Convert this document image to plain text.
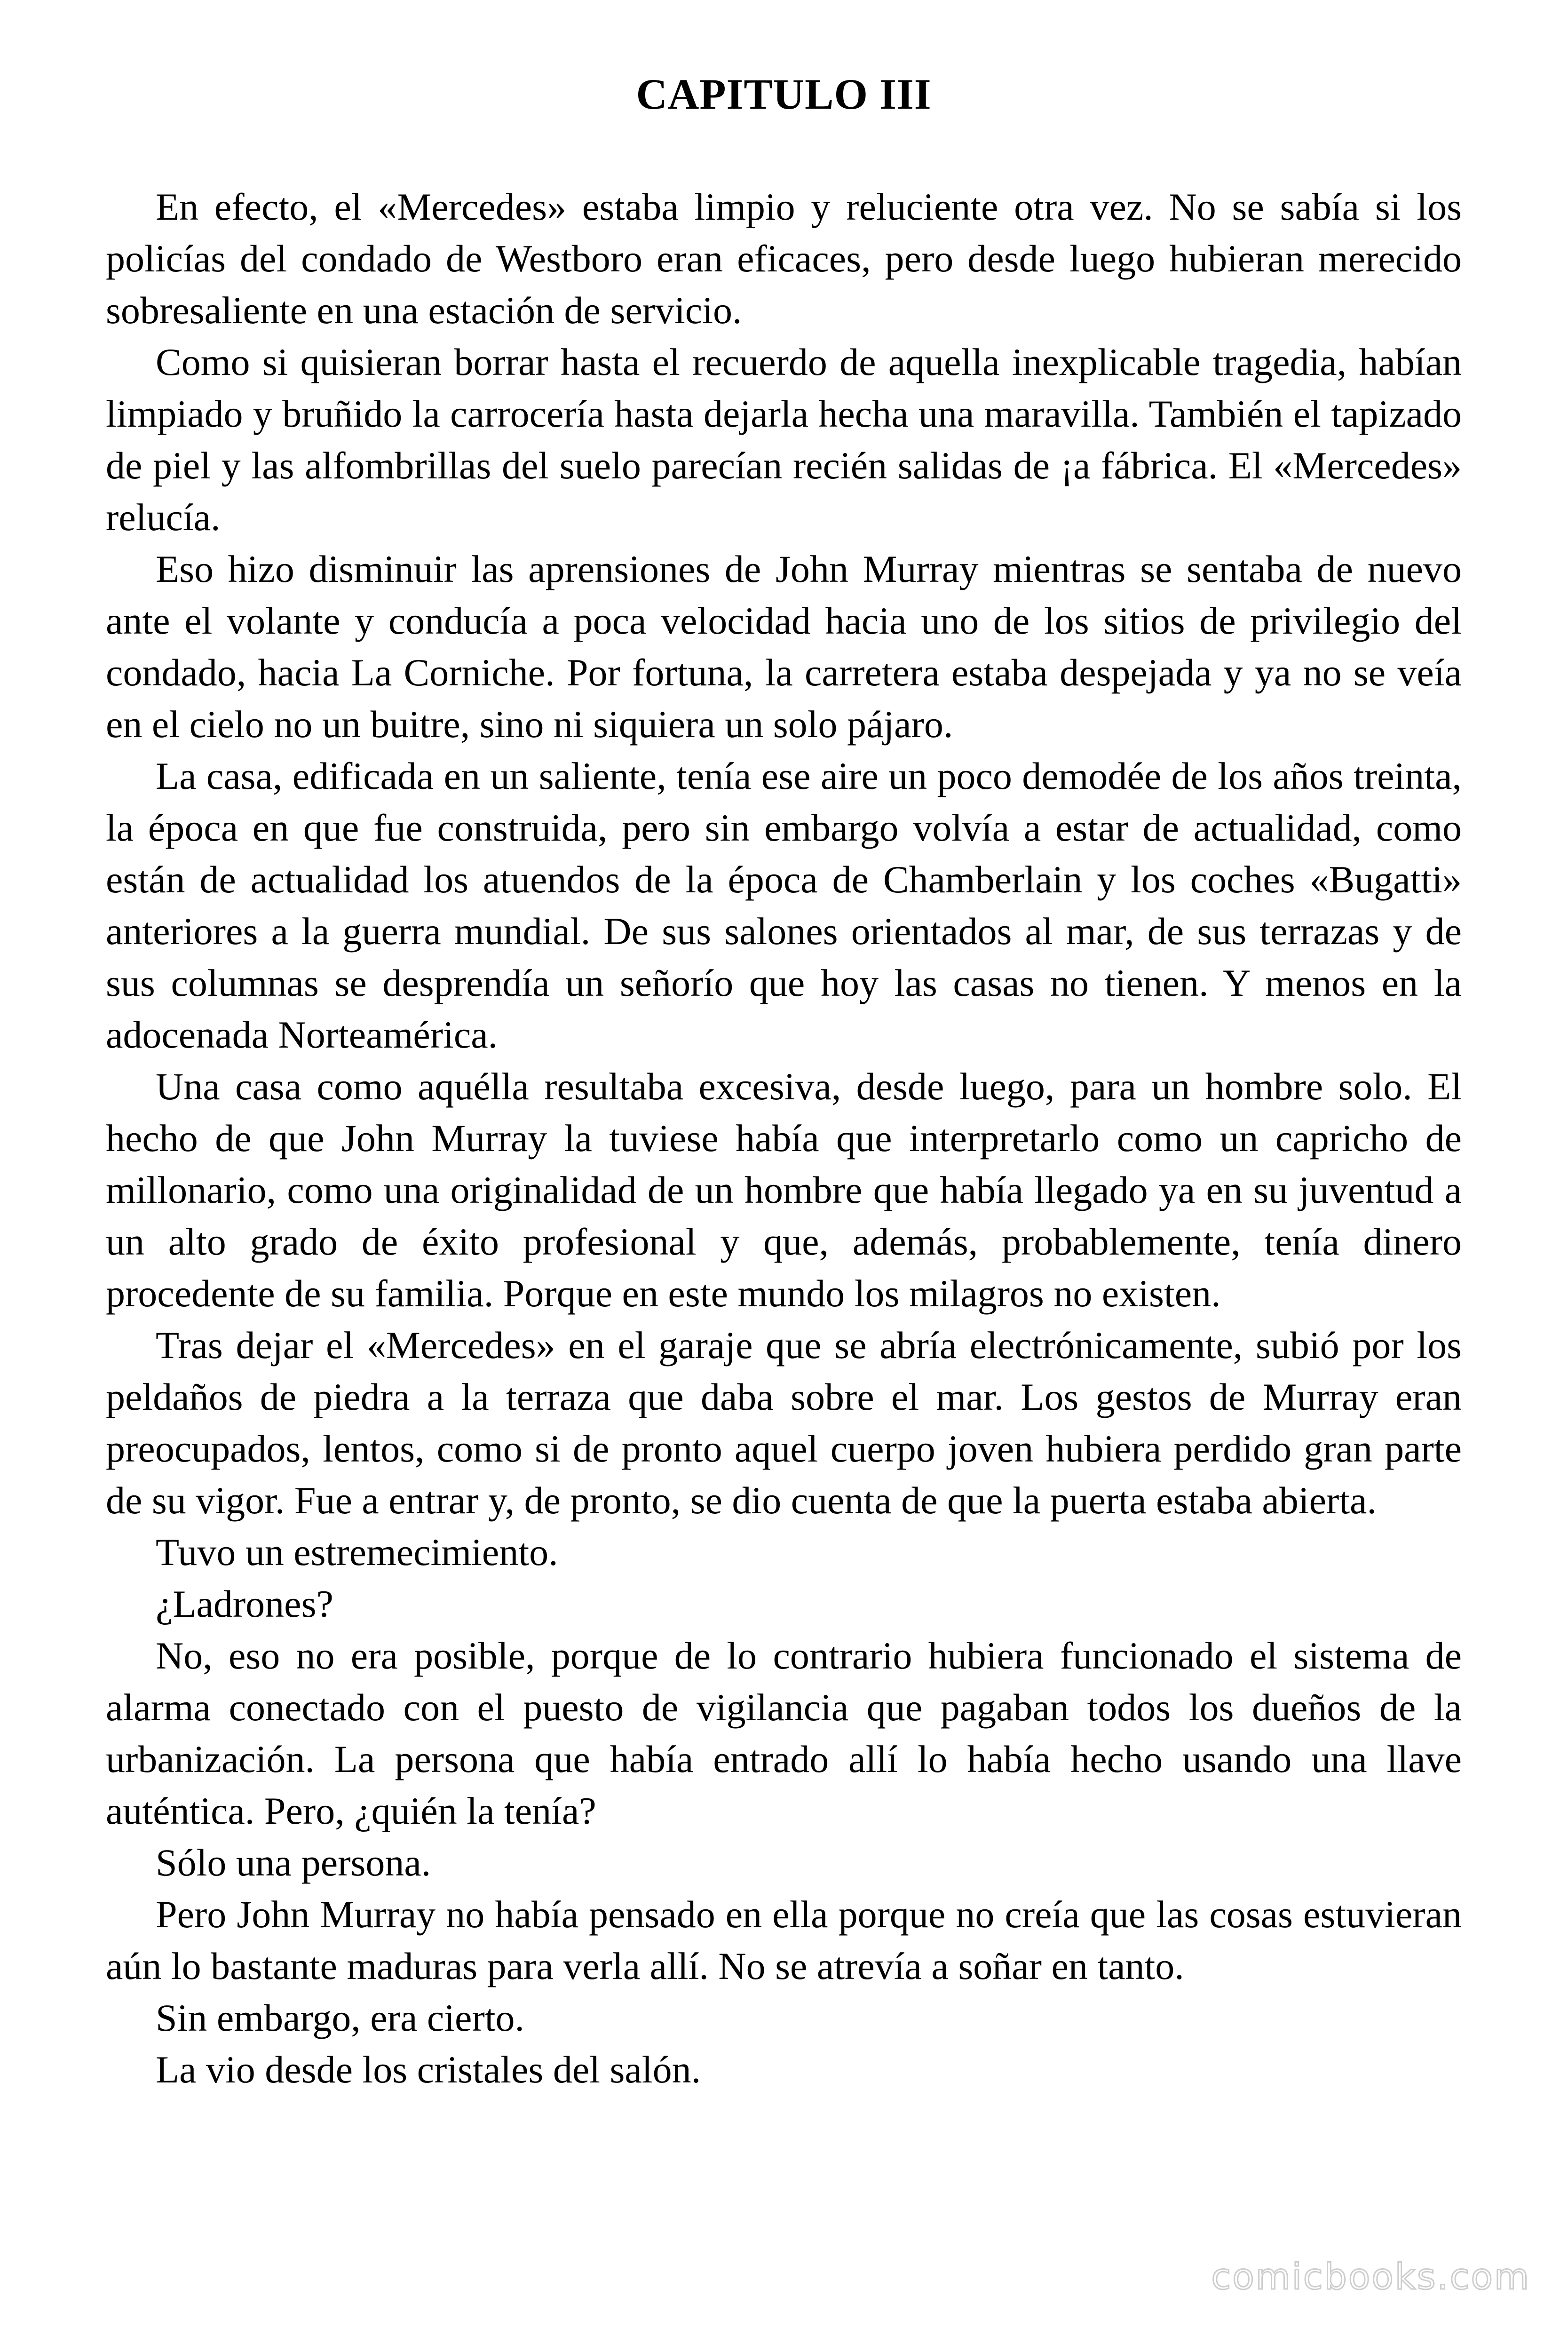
CAPITULO III

En efecto, el «Mercedes» estaba limpio y reluciente otra vez. No se sabía si los policías del condado de Westboro eran eficaces, pero desde luego hubieran merecido sobresaliente en una estación de servicio.

Como si quisieran borrar hasta el recuerdo de aquella inexplicable tragedia, habían limpiado y bruñido la carrocería hasta dejarla hecha una maravilla. También el tapizado de piel y las alfombrillas del suelo parecían recién salidas de ¡a fábrica. El «Mercedes» relucía.

Eso hizo disminuir las aprensiones de John Murray mientras se sentaba de nuevo ante el volante y conducía a poca velocidad hacia uno de los sitios de privilegio del condado, hacia La Corniche. Por fortuna, la carretera estaba despejada y ya no se veía en el cielo no un buitre, sino ni siquiera un solo pájaro.

La casa, edificada en un saliente, tenía ese aire un poco demodée de los años treinta, la época en que fue construida, pero sin embargo volvía a estar de actualidad, como están de actualidad los atuendos de la época de Chamberlain y los coches «Bugatti» anteriores a la guerra mundial. De sus salones orientados al mar, de sus terrazas y de sus columnas se desprendía un señorío que hoy las casas no tienen. Y menos en la adocenada Norteamérica.

Una casa como aquélla resultaba excesiva, desde luego, para un hombre solo. El hecho de que John Murray la tuviese había que interpretarlo como un capricho de millonario, como una originalidad de un hombre que había llegado ya en su juventud a un alto grado de éxito profesional y que, además, probablemente, tenía dinero procedente de su familia. Porque en este mundo los milagros no existen.

Tras dejar el «Mercedes» en el garaje que se abría electrónicamente, subió por los peldaños de piedra a la terraza que daba sobre el mar. Los gestos de Murray eran preocupados, lentos, como si de pronto aquel cuerpo joven hubiera perdido gran parte de su vigor. Fue a entrar y, de pronto, se dio cuenta de que la puerta estaba abierta.

Tuvo un estremecimiento.

¿Ladrones?

No, eso no era posible, porque de lo contrario hubiera funcionado el sistema de alarma conectado con el puesto de vigilancia que pagaban todos los dueños de la urbanización. La persona que había entrado allí lo había hecho usando una llave auténtica. Pero, ¿quién la tenía?

Sólo una persona.

Pero John Murray no había pensado en ella porque no creía que las cosas estuvieran aún lo bastante maduras para verla allí. No se atrevía a soñar en tanto.

Sin embargo, era cierto.

La vio desde los cristales del salón.

comicbooks.com
